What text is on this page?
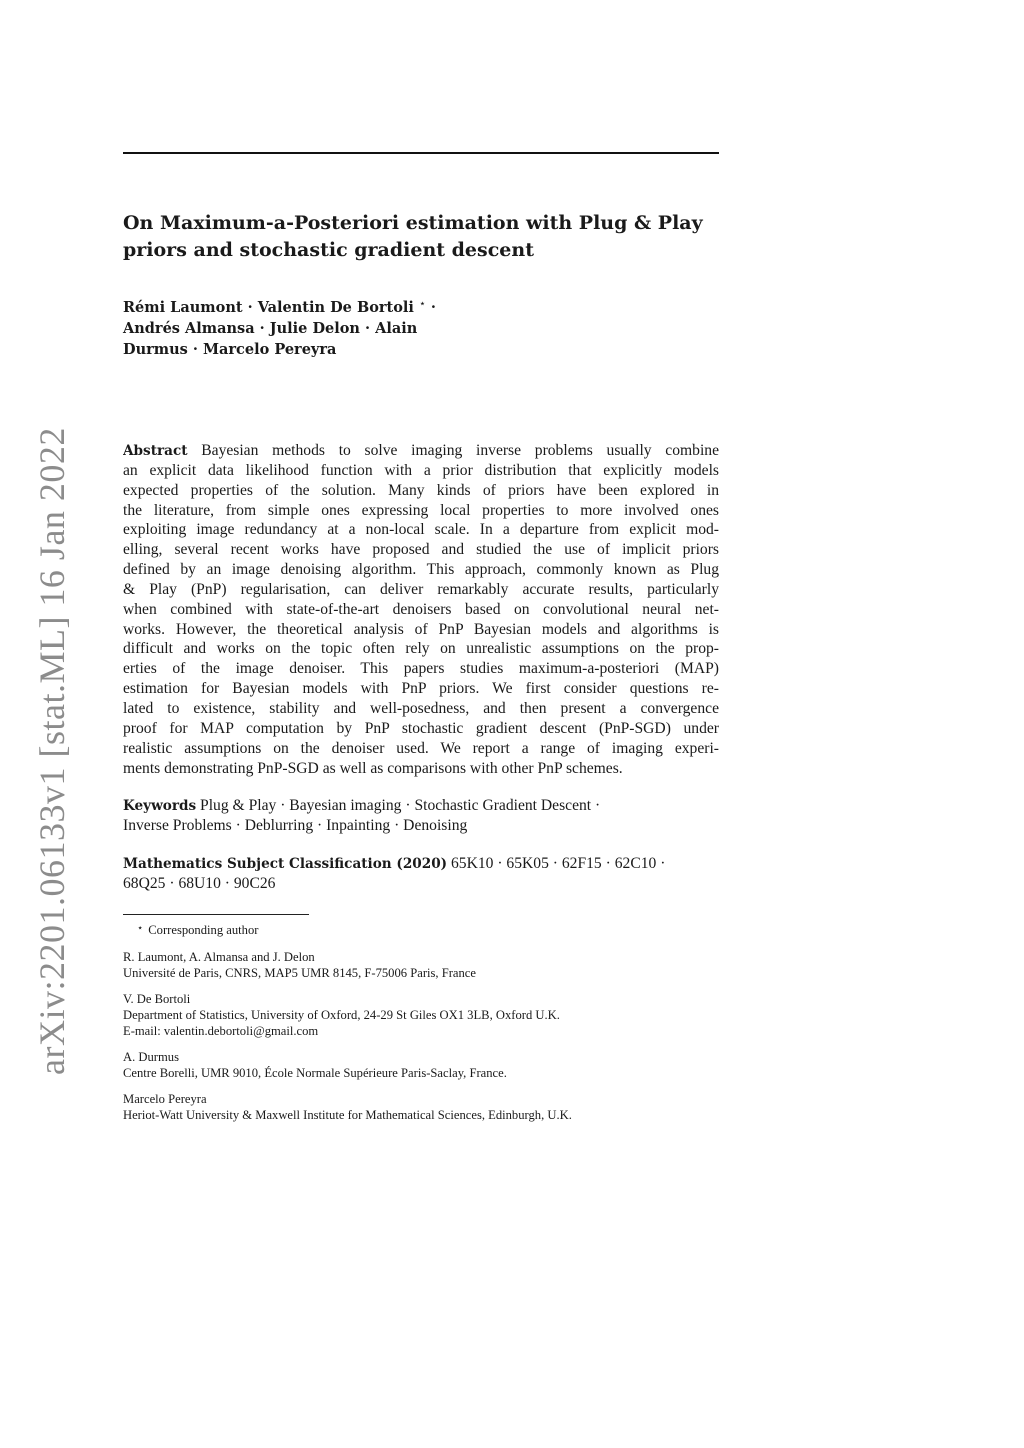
arXiv:2201.06133v1 [stat.ML] 16 Jan 2022
On Maximum-a-Posteriori estimation with Plug & Play
priors and stochastic gradient descent
Rémi Laumont · Valentin De Bortoli ⋆ ·
Andrés Almansa · Julie Delon · Alain
Durmus · Marcelo Pereyra
Abstract Bayesian methods to solve imaging inverse problems usually combine
an explicit data likelihood function with a prior distribution that explicitly models
expected properties of the solution. Many kinds of priors have been explored in
the literature, from simple ones expressing local properties to more involved ones
exploiting image redundancy at a non-local scale. In a departure from explicit mod-
elling, several recent works have proposed and studied the use of implicit priors
defined by an image denoising algorithm. This approach, commonly known as Plug
& Play (PnP) regularisation, can deliver remarkably accurate results, particularly
when combined with state-of-the-art denoisers based on convolutional neural net-
works. However, the theoretical analysis of PnP Bayesian models and algorithms is
difficult and works on the topic often rely on unrealistic assumptions on the prop-
erties of the image denoiser. This papers studies maximum-a-posteriori (MAP)
estimation for Bayesian models with PnP priors. We first consider questions re-
lated to existence, stability and well-posedness, and then present a convergence
proof for MAP computation by PnP stochastic gradient descent (PnP-SGD) under
realistic assumptions on the denoiser used. We report a range of imaging experi-
ments demonstrating PnP-SGD as well as comparisons with other PnP schemes.
Keywords Plug & Play · Bayesian imaging · Stochastic Gradient Descent ·
Inverse Problems · Deblurring · Inpainting · Denoising
Mathematics Subject Classification (2020) 65K10 · 65K05 · 62F15 · 62C10 ·
68Q25 · 68U10 · 90C26
⋆ Corresponding author
R. Laumont, A. Almansa and J. Delon
Université de Paris, CNRS, MAP5 UMR 8145, F-75006 Paris, France
V. De Bortoli
Department of Statistics, University of Oxford, 24-29 St Giles OX1 3LB, Oxford U.K.
E-mail: valentin.debortoli@gmail.com
A. Durmus
Centre Borelli, UMR 9010, École Normale Supérieure Paris-Saclay, France.
Marcelo Pereyra
Heriot-Watt University & Maxwell Institute for Mathematical Sciences, Edinburgh, U.K.
